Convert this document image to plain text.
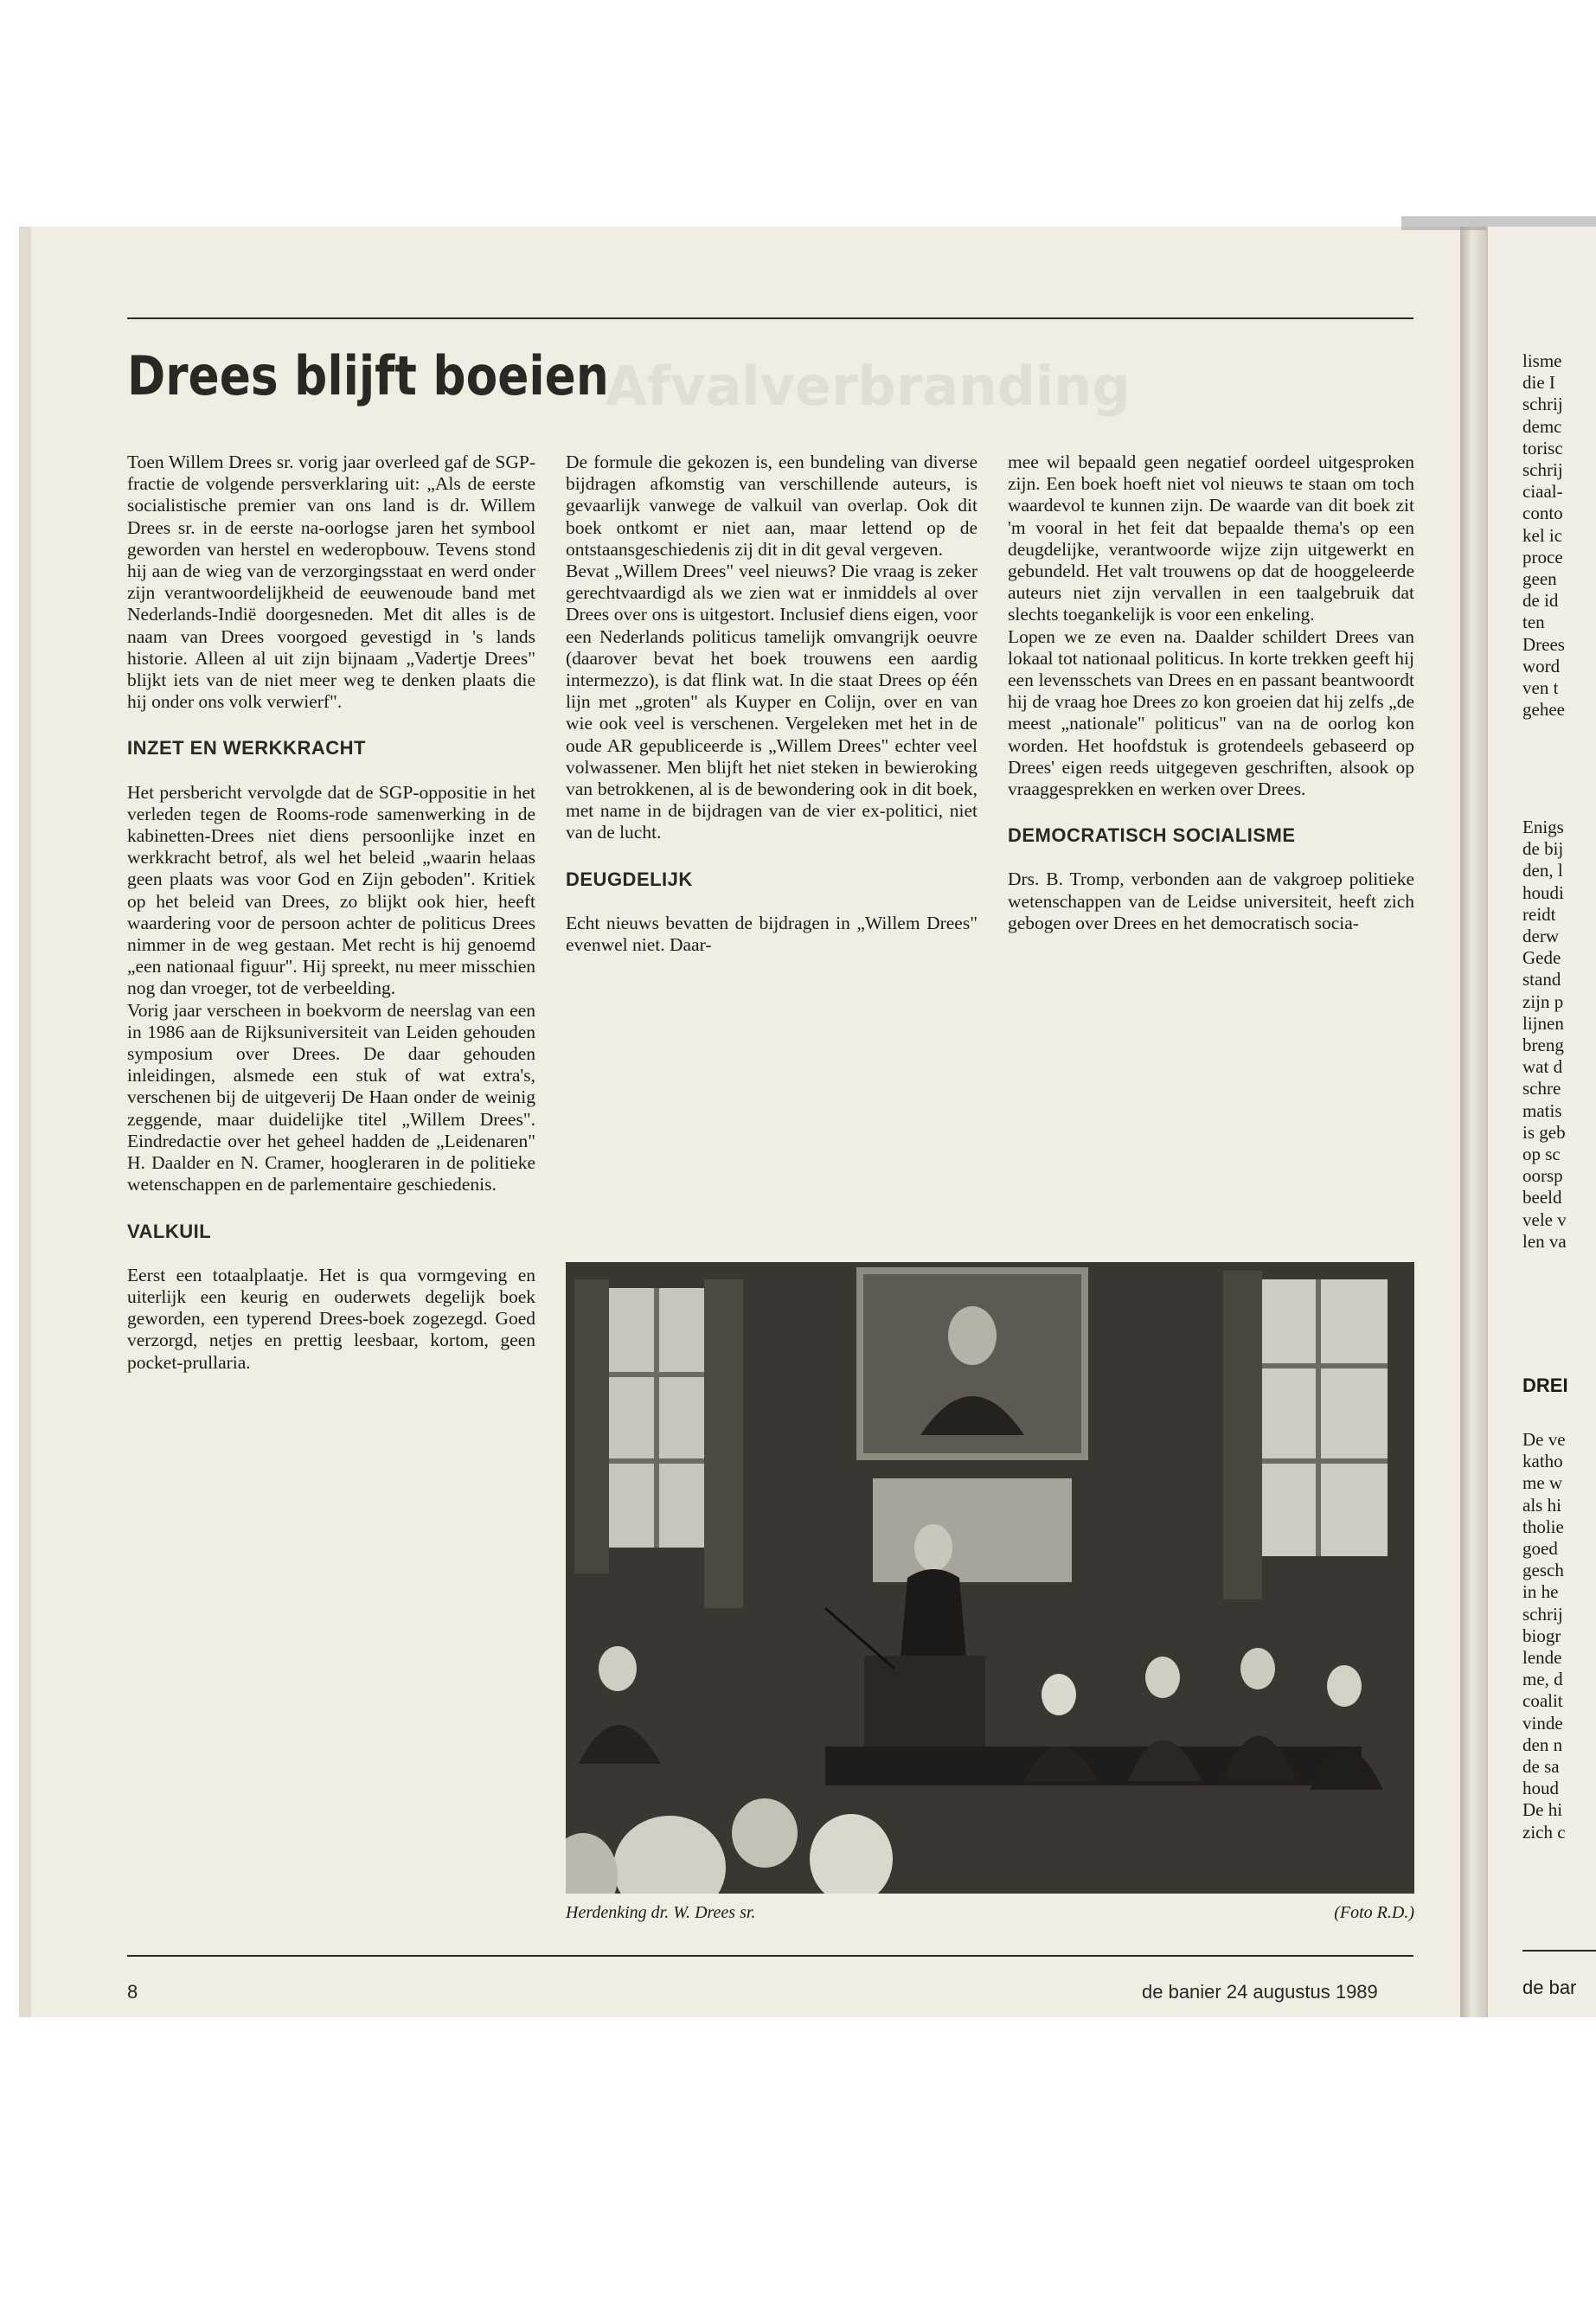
Afvalverbranding
Drees blijft boeien

Toen Willem Drees sr. vorig jaar overleed gaf de SGP-fractie de volgende persverklaring uit: „Als de eerste socialistische premier van ons land is dr. Willem Drees sr. in de eerste na-oorlogse jaren het symbool geworden van herstel en wederopbouw. Tevens stond hij aan de wieg van de verzorgingsstaat en werd onder zijn verantwoordelijkheid de eeuwenoude band met Nederlands-Indië doorgesneden. Met dit alles is de naam van Drees voorgoed gevestigd in 's lands historie. Alleen al uit zijn bijnaam „Vadertje Drees" blijkt iets van de niet meer weg te denken plaats die hij onder ons volk verwierf".

INZET EN WERKKRACHT

Het persbericht vervolgde dat de SGP-oppositie in het verleden tegen de Rooms-rode samenwerking in de kabinetten-Drees niet diens persoonlijke inzet en werkkracht betrof, als wel het beleid „waarin helaas geen plaats was voor God en Zijn geboden". Kritiek op het beleid van Drees, zo blijkt ook hier, heeft waardering voor de persoon achter de politicus Drees nimmer in de weg gestaan. Met recht is hij genoemd „een nationaal figuur". Hij spreekt, nu meer misschien nog dan vroeger, tot de verbeelding.

Vorig jaar verscheen in boekvorm de neerslag van een in 1986 aan de Rijksuniversiteit van Leiden gehouden symposium over Drees. De daar gehouden inleidingen, alsmede een stuk of wat extra's, verschenen bij de uitgeverij De Haan onder de weinig zeggende, maar duidelijke titel „Willem Drees". Eindredactie over het geheel hadden de „Leidenaren" H. Daalder en N. Cramer, hoogleraren in de politieke wetenschappen en de parlementaire geschiedenis.

VALKUIL

Eerst een totaalplaatje. Het is qua vormgeving en uiterlijk een keurig en ouderwets degelijk boek geworden, een typerend Drees-boek zogezegd. Goed verzorgd, netjes en prettig leesbaar, kortom, geen pocket-prullaria.

De formule die gekozen is, een bundeling van diverse bijdragen afkomstig van verschillende auteurs, is gevaarlijk vanwege de valkuil van overlap. Ook dit boek ontkomt er niet aan, maar lettend op de ontstaansgeschiedenis zij dit in dit geval vergeven.

Bevat „Willem Drees" veel nieuws? Die vraag is zeker gerechtvaardigd als we zien wat er inmiddels al over Drees over ons is uitgestort. Inclusief diens eigen, voor een Nederlands politicus tamelijk omvangrijk oeuvre (daarover bevat het boek trouwens een aardig intermezzo), is dat flink wat. In die staat Drees op één lijn met „groten" als Kuyper en Colijn, over en van wie ook veel is verschenen. Vergeleken met het in de oude AR gepubliceerde is „Willem Drees" echter veel volwassener. Men blijft het niet steken in bewieroking van betrokkenen, al is de bewondering ook in dit boek, met name in de bijdragen van de vier ex-politici, niet van de lucht.

DEUGDELIJK

Echt nieuws bevatten de bijdragen in „Willem Drees" evenwel niet. Daar-

mee wil bepaald geen negatief oordeel uitgesproken zijn. Een boek hoeft niet vol nieuws te staan om toch waardevol te kunnen zijn. De waarde van dit boek zit 'm vooral in het feit dat bepaalde thema's op een deugdelijke, verantwoorde wijze zijn uitgewerkt en gebundeld. Het valt trouwens op dat de hooggeleerde auteurs niet zijn vervallen in een taalgebruik dat slechts toegankelijk is voor een enkeling.

Lopen we ze even na. Daalder schildert Drees van lokaal tot nationaal politicus. In korte trekken geeft hij een levensschets van Drees en en passant beantwoordt hij de vraag hoe Drees zo kon groeien dat hij zelfs „de meest „nationale" politicus" van na de oorlog kon worden. Het hoofdstuk is grotendeels gebaseerd op Drees' eigen reeds uitgegeven geschriften, alsook op vraaggesprekken en werken over Drees.

DEMOCRATISCH SOCIALISME

Drs. B. Tromp, verbonden aan de vakgroep politieke wetenschappen van de Leidse universiteit, heeft zich gebogen over Drees en het democratisch socia-

Herdenking dr. W. Drees sr.	(Foto R.D.)
8	de banier 24 augustus 1989
lisme
die I
schrij
demc
torisc
schrij
ciaal-
conto
kel ic
proce
geen
de id
ten
Drees
word
ven t
gehee
Enigs
de bij
den, l
houdi
reidt
derw
Gede
stand
zijn p
lijnen
breng
wat d
schre
matis
is geb
op sc
oorsp
beeld
vele v
len va
DREI
De ve
katho
me w
als hi
tholie
goed
gesch
in he
schrij
biogr
lende
me, d
coalit
vinde
den n
de sa
houd
De hi
zich c
de bar
